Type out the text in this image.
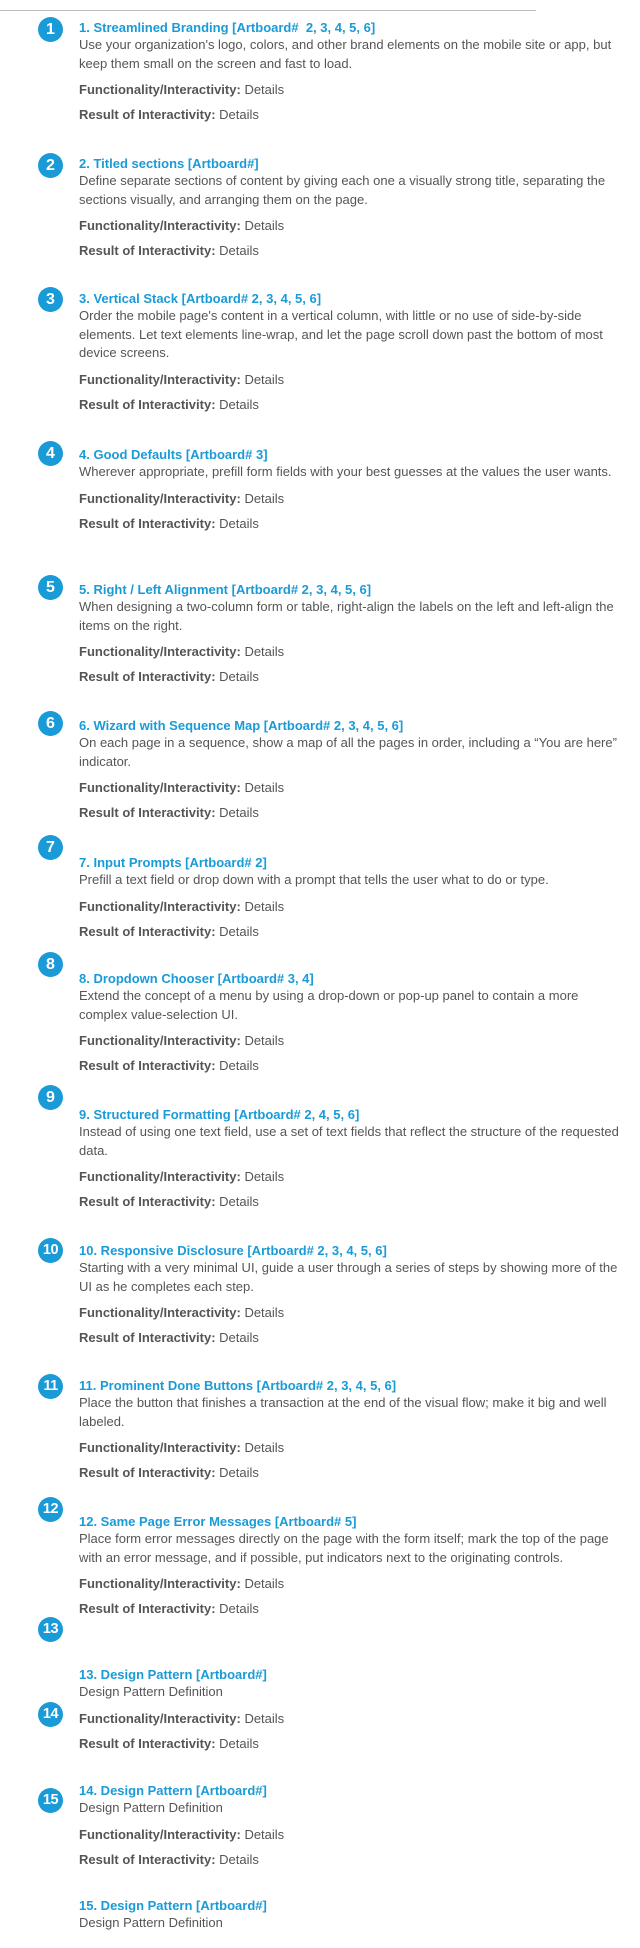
1
2
3
4
5
6
7
8
9
10
11
12
13
14
15
1. Streamlined Branding [Artboard#  2, 3, 4, 5, 6]
Use your organization's logo, colors, and other brand elements on the mobile site or app, but keep them small on the screen and fast to load.
Functionality/Interactivity: Details
Result of Interactivity: Details
2. Titled sections [Artboard#]
Define separate sections of content by giving each one a visually strong title, separating the sections visually, and arranging them on the page.
Functionality/Interactivity: Details
Result of Interactivity: Details
3. Vertical Stack [Artboard# 2, 3, 4, 5, 6]
Order the mobile page's content in a vertical column, with little or no use of side-by-side elements. Let text elements line-wrap, and let the page scroll down past the bottom of most device screens.
Functionality/Interactivity: Details
Result of Interactivity: Details
4. Good Defaults [Artboard# 3]
Wherever appropriate, prefill form fields with your best guesses at the values the user wants.
Functionality/Interactivity: Details
Result of Interactivity: Details
5. Right / Left Alignment [Artboard# 2, 3, 4, 5, 6]
When designing a two-column form or table, right-align the labels on the left and left-align the items on the right.
Functionality/Interactivity: Details
Result of Interactivity: Details
6. Wizard with Sequence Map [Artboard# 2, 3, 4, 5, 6]
On each page in a sequence, show a map of all the pages in order, including a “You are here” indicator.
Functionality/Interactivity: Details
Result of Interactivity: Details
7. Input Prompts [Artboard# 2]
Prefill a text field or drop down with a prompt that tells the user what to do or type.
Functionality/Interactivity: Details
Result of Interactivity: Details
8. Dropdown Chooser [Artboard# 3, 4]
Extend the concept of a menu by using a drop-down or pop-up panel to contain a more complex value-selection UI.
Functionality/Interactivity: Details
Result of Interactivity: Details
9. Structured Formatting [Artboard# 2, 4, 5, 6]
Instead of using one text field, use a set of text fields that reflect the structure of the requested data.
Functionality/Interactivity: Details
Result of Interactivity: Details
10. Responsive Disclosure [Artboard# 2, 3, 4, 5, 6]
Starting with a very minimal UI, guide a user through a series of steps by showing more of the UI as he completes each step.
Functionality/Interactivity: Details
Result of Interactivity: Details
11. Prominent Done Buttons [Artboard# 2, 3, 4, 5, 6]
Place the button that finishes a transaction at the end of the visual flow; make it big and well labeled.
Functionality/Interactivity: Details
Result of Interactivity: Details
12. Same Page Error Messages [Artboard# 5]
Place form error messages directly on the page with the form itself; mark the top of the page with an error message, and if possible, put indicators next to the originating controls.
Functionality/Interactivity: Details
Result of Interactivity: Details
13. Design Pattern [Artboard#]
Design Pattern Definition
Functionality/Interactivity: Details
Result of Interactivity: Details
14. Design Pattern [Artboard#]
Design Pattern Definition
Functionality/Interactivity: Details
Result of Interactivity: Details
15. Design Pattern [Artboard#]
Design Pattern Definition
